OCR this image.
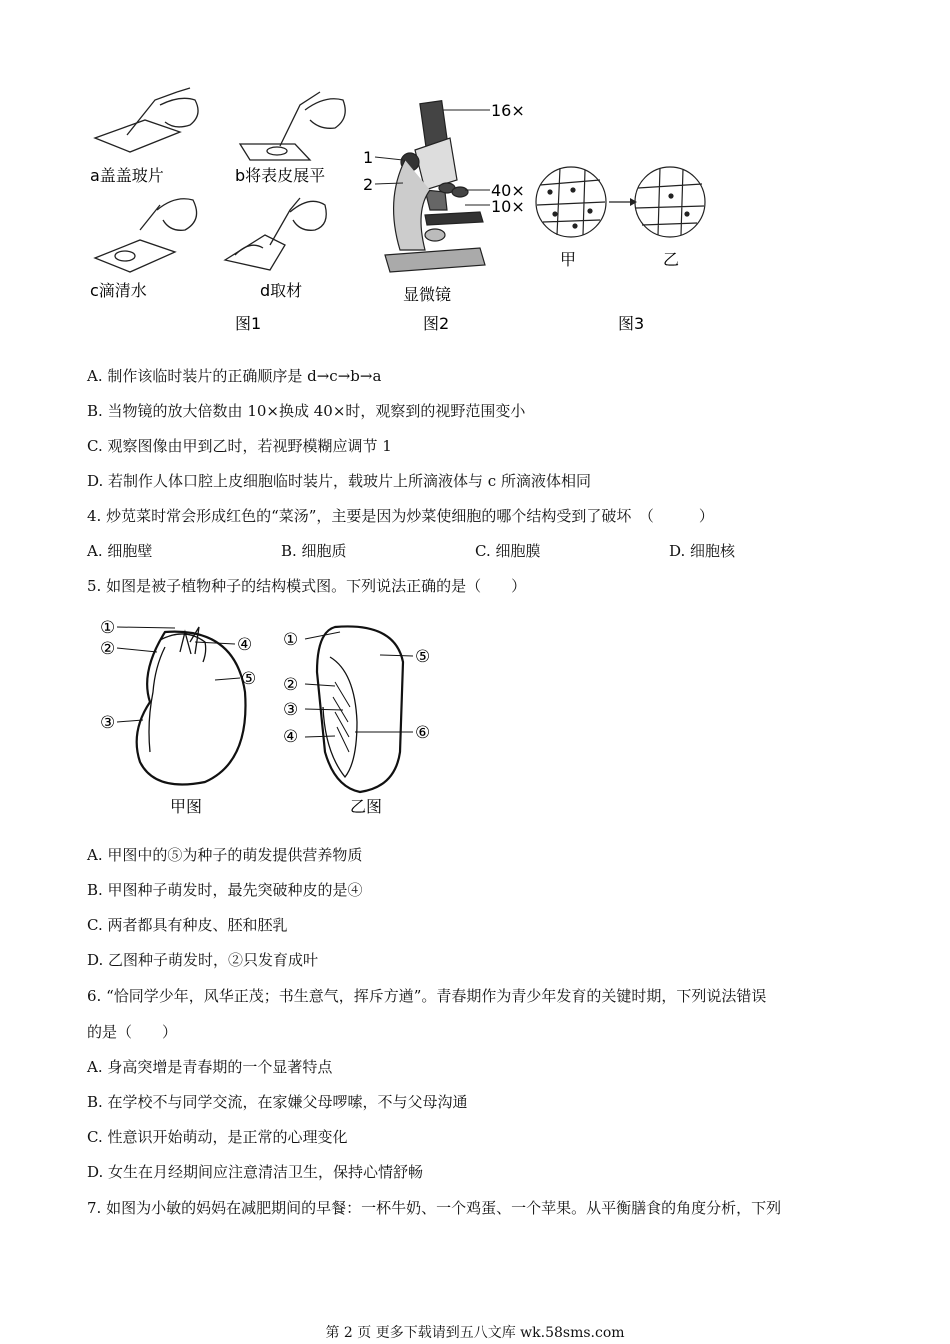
a盖盖玻片	b将表皮展平
c滴清水	d取材
图1
16×
1
2	40×
10×
显微镜
图2
甲	乙
图3
A. 制作该临时装片的正确顺序是 d→c→b→a
B. 当物镜的放大倍数由 10×换成 40×时，观察到的视野范围变小
C. 观察图像由甲到乙时，若视野模糊应调节 1
D. 若制作人体口腔上皮细胞临时装片，载玻片上所滴液体与 c 所滴液体相同
4. 炒苋菜时常会形成红色的“菜汤”，主要是因为炒菜使细胞的哪个结构受到了破坏　（　　　）
A. 细胞壁	B. 细胞质	C. 细胞膜	D. 细胞核
5. 如图是被子植物种子的结构模式图。下列说法正确的是（　　）
①
②
③
④
⑤
甲图
①
②
③
④
⑤
⑥
乙图
A. 甲图中的⑤为种子的萌发提供营养物质
B. 甲图种子萌发时，最先突破种皮的是④
C. 两者都具有种皮、胚和胚乳
D. 乙图种子萌发时，②只发育成叶
6. “恰同学少年，风华正茂；书生意气，挥斥方遒”。青春期作为青少年发育的关键时期，下列说法错误
的是（　　）
A. 身高突增是青春期的一个显著特点
B. 在学校不与同学交流，在家嫌父母啰嗦，不与父母沟通
C. 性意识开始萌动，是正常的心理变化
D. 女生在月经期间应注意清洁卫生，保持心情舒畅
7. 如图为小敏的妈妈在减肥期间的早餐：一杯牛奶、一个鸡蛋、一个苹果。从平衡膳食的角度分析，下列
第 2 页 更多下载请到五八文库 wk.58sms.com
